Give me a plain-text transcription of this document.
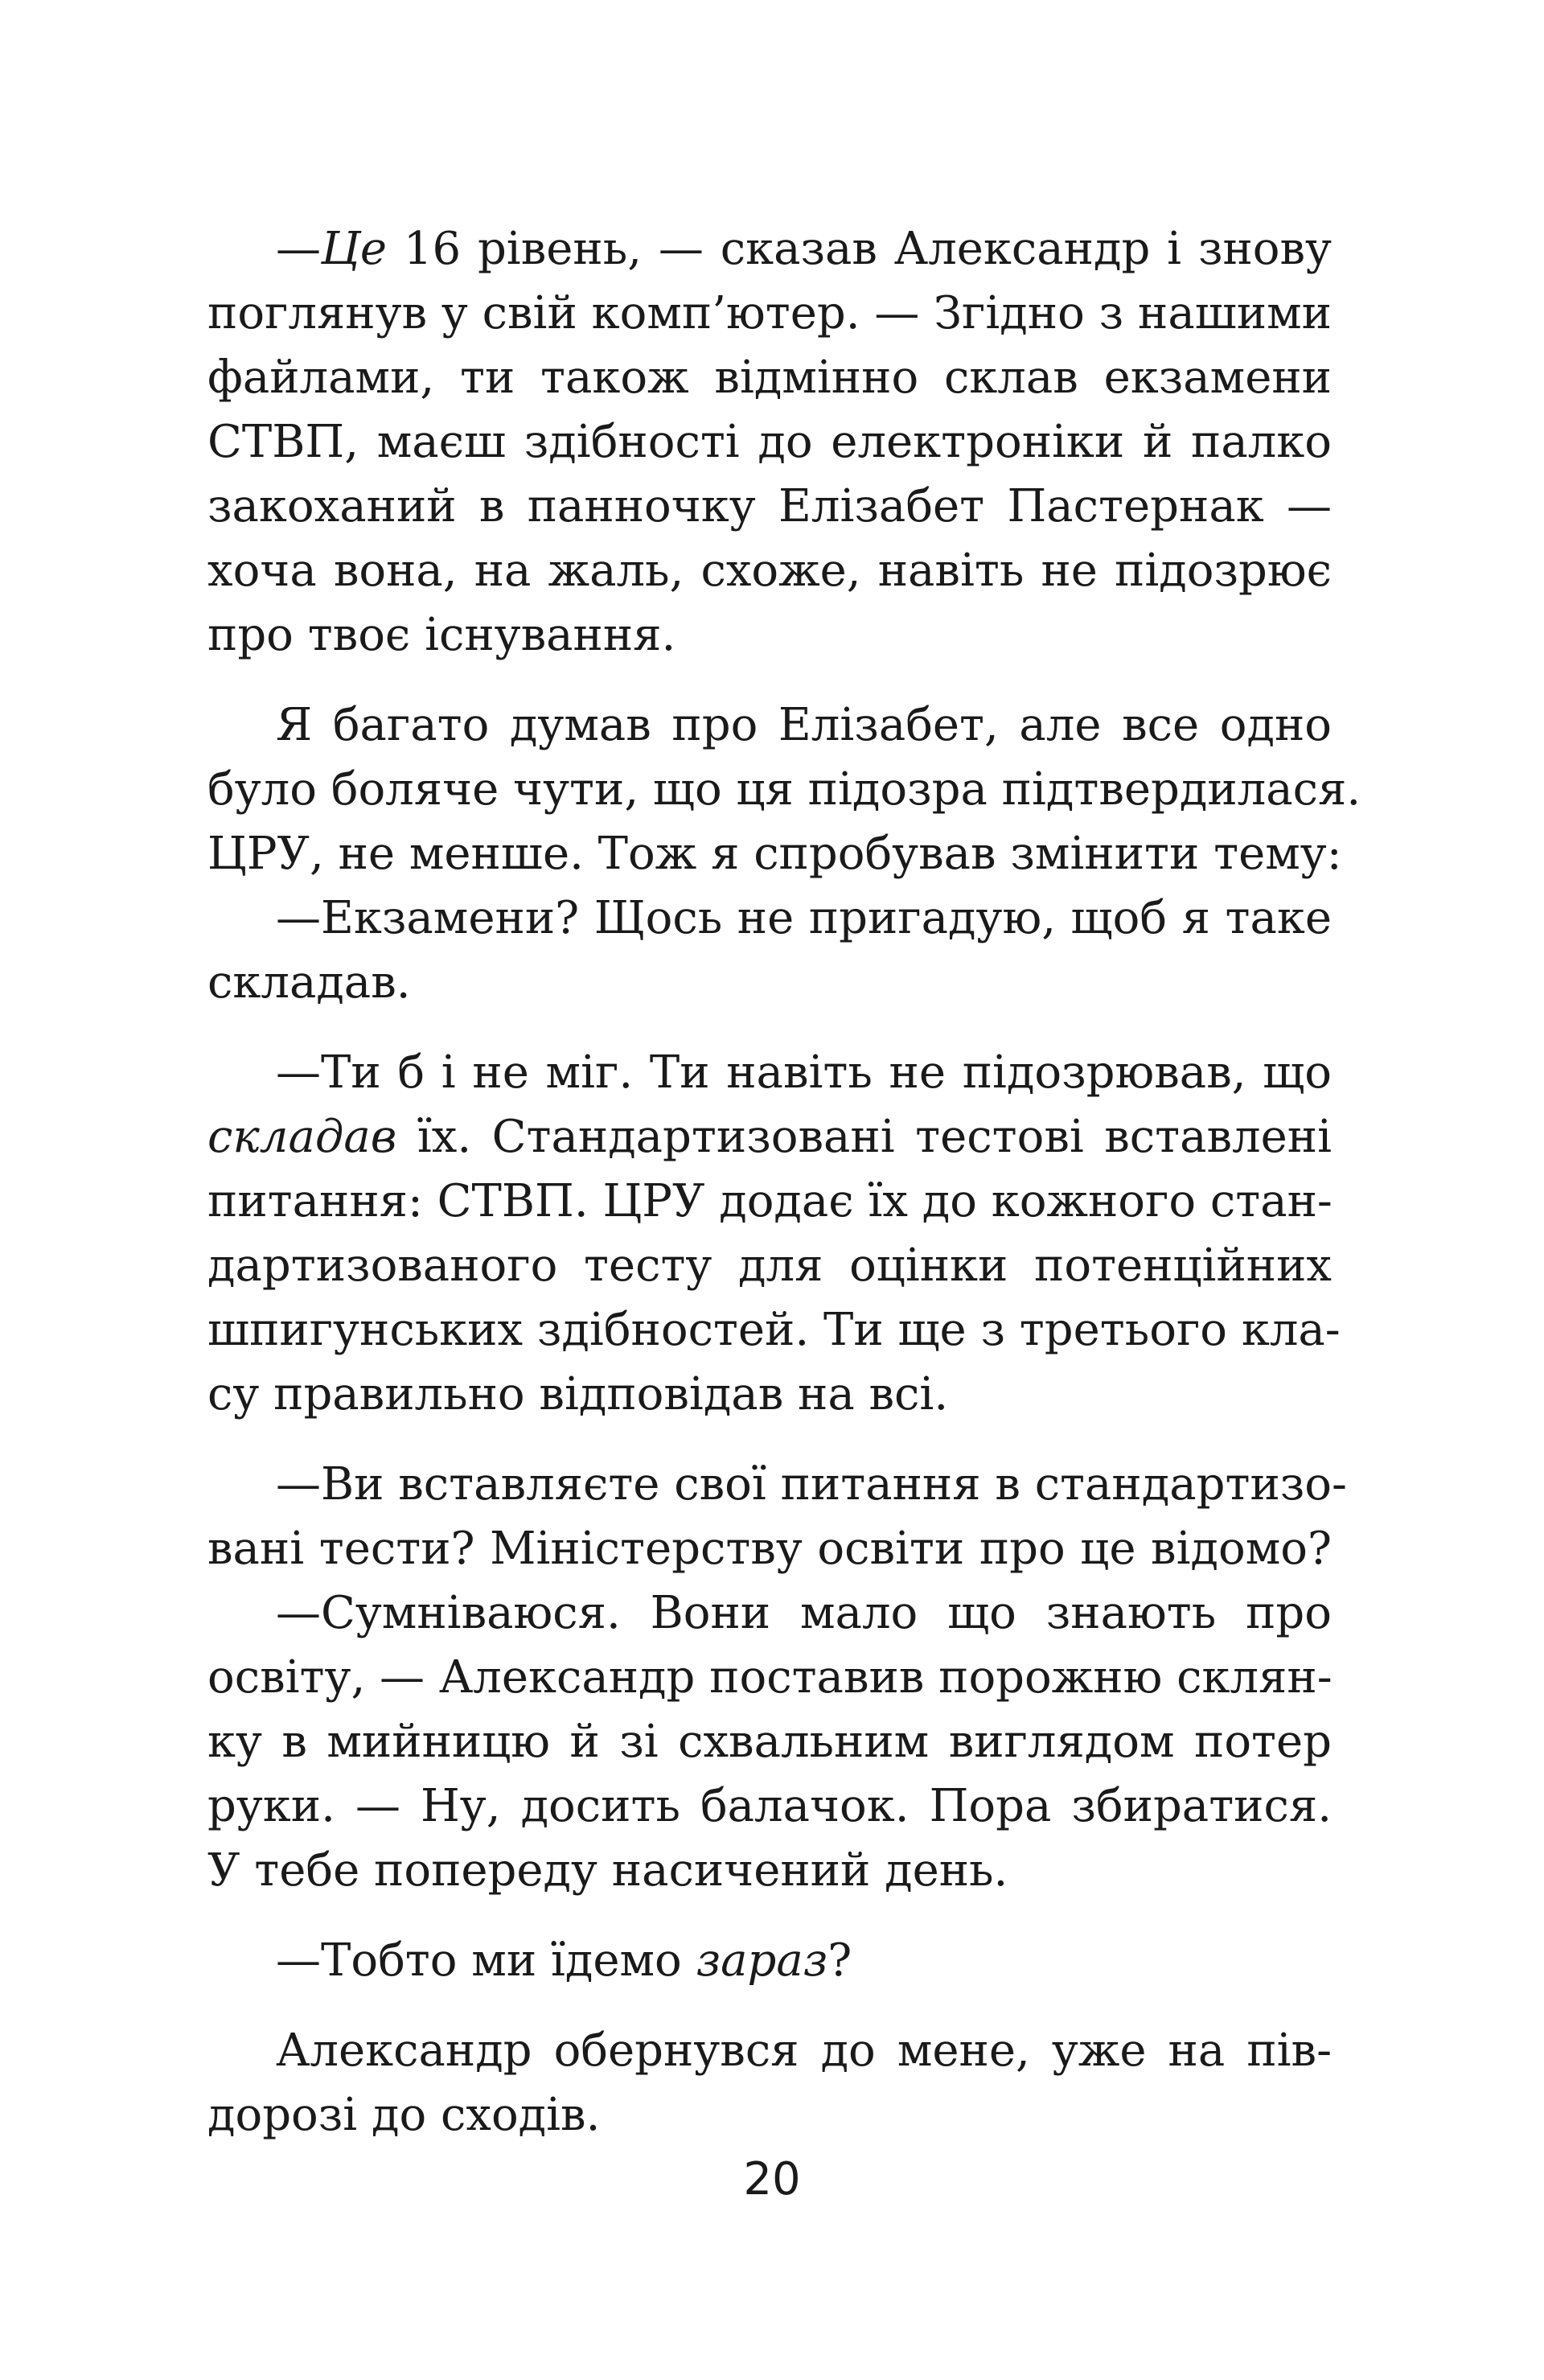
—Це 16 рівень, — сказав Александр і знову
поглянув у свій комп’ютер. — Згідно з нашими
файлами, ти також відмінно склав екзамени
СТВП, маєш здібності до електроніки й палко
закоханий в панночку Елізабет Пастернак —
хоча вона, на жаль, схоже, навіть не підозрює
про твоє існування.
Я багато думав про Елізабет, але все одно
було боляче чути, що ця підозра підтвердилася.
ЦРУ, не менше. Тож я спробував змінити тему:
—Екзамени? Щось не пригадую, щоб я таке
складав.
—Ти б і не міг. Ти навіть не підозрював, що
складав їх. Стандартизовані тестові вставлені
питання: СТВП. ЦРУ додає їх до кожного стан-
дартизованого тесту для оцінки потенційних
шпигунських здібностей. Ти ще з третього кла-
су правильно відповідав на всі.
—Ви вставляєте свої питання в стандартизо-
вані тести? Міністерству освіти про це відомо?
—Сумніваюся. Вони мало що знають про
освіту, — Александр поставив порожню склян-
ку в мийницю й зі схвальним виглядом потер
руки. — Ну, досить балачок. Пора збиратися.
У тебе попереду насичений день.
—Тобто ми їдемо зараз?
Александр обернувся до мене, уже на пів-
дорозі до сходів.
20
